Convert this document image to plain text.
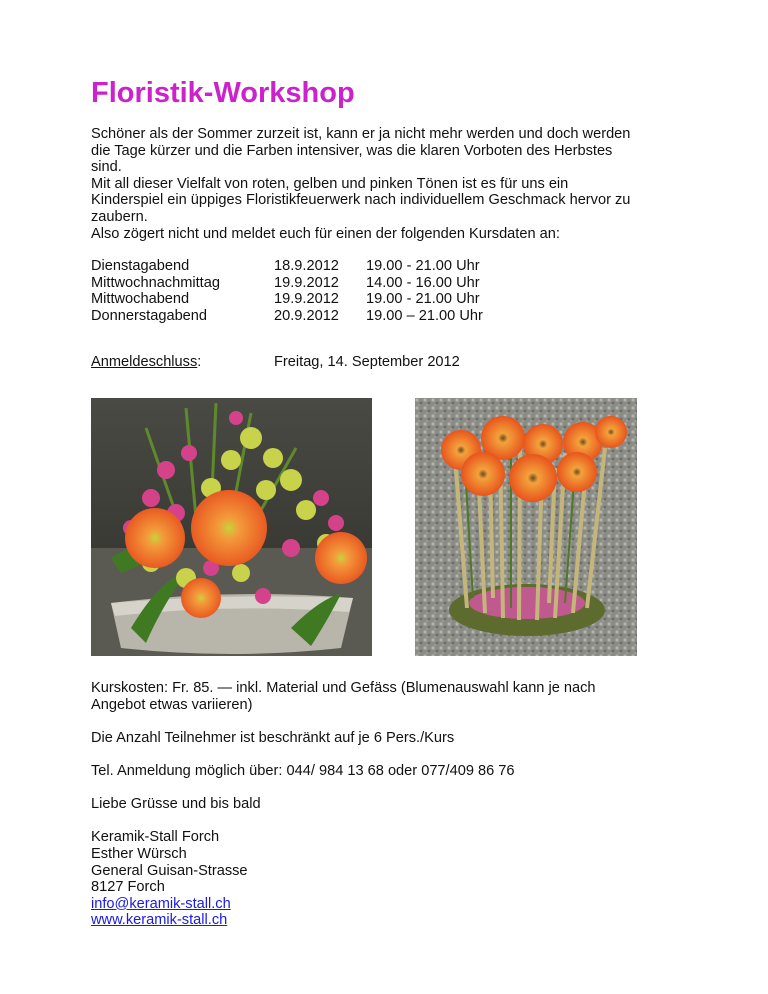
Floristik-Workshop

Schöner als der Sommer zurzeit ist, kann er ja nicht mehr werden und doch werden

die Tage kürzer und die Farben intensiver, was die klaren Vorboten des Herbstes

sind.

Mit all dieser Vielfalt von roten, gelben und pinken Tönen ist es für uns ein

Kinderspiel ein üppiges Floristikfeuerwerk nach individuellem Geschmack hervor zu

zaubern.

Also zögert nicht und meldet euch für einen der folgenden Kursdaten an:

Dienstagabend	18.9.2012	19.00 - 21.00 Uhr
Mittwochnachmittag	19.9.2012	14.00 - 16.00 Uhr
Mittwochabend	19.9.2012	19.00 - 21.00 Uhr
Donnerstagabend	20.9.2012	19.00 – 21.00 Uhr
Anmeldeschluss:	Freitag, 14. September 2012

Kurskosten: Fr. 85. — inkl. Material und Gefäss (Blumenauswahl kann je nach

Angebot etwas variieren)

Die Anzahl Teilnehmer ist beschränkt auf je 6 Pers./Kurs

Tel. Anmeldung möglich über: 044/ 984 13 68 oder 077/409 86 76

Liebe Grüsse und bis bald

Keramik-Stall Forch

Esther Würsch

General Guisan-Strasse

8127 Forch

info@keramik-stall.ch

www.keramik-stall.ch
